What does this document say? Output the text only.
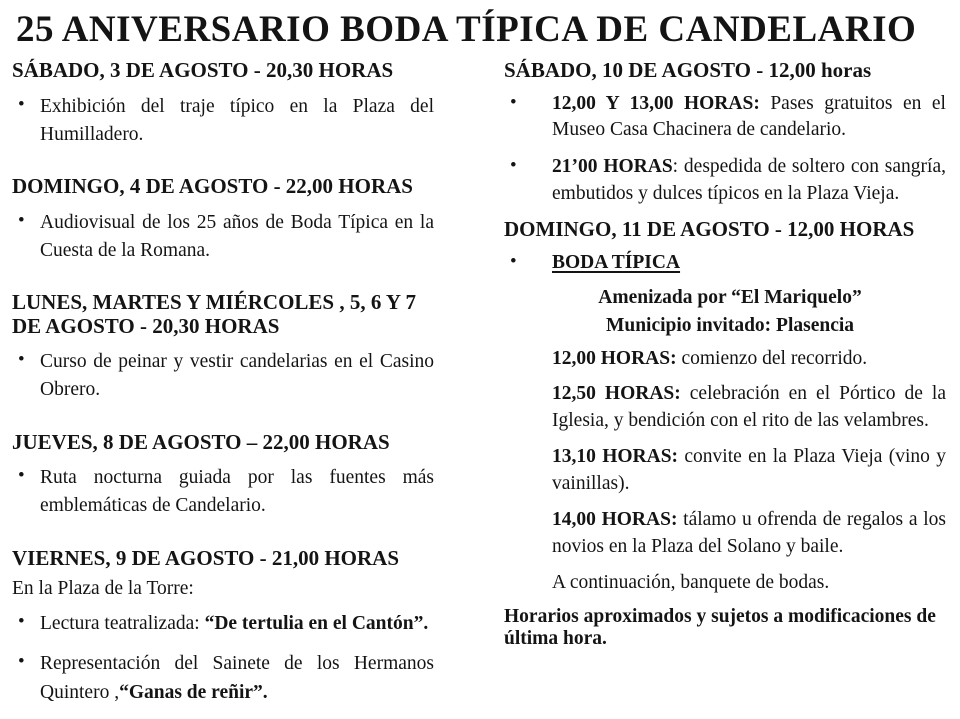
25 ANIVERSARIO BODA TÍPICA DE CANDELARIO
SÁBADO, 3 DE AGOSTO - 20,30 HORAS
•
Exhibición del traje típico en la Plaza del Humilladero.
DOMINGO, 4 DE AGOSTO - 22,00 HORAS
•
Audiovisual de los 25 años de Boda Típica en la Cuesta de la Romana.
LUNES, MARTES Y MIÉRCOLES , 5, 6 Y 7 DE AGOSTO - 20,30 HORAS
•
Curso de peinar y vestir candelarias en el Casino Obrero.
JUEVES, 8 DE AGOSTO – 22,00 HORAS
•
Ruta nocturna guiada por las fuentes más emblemáticas de Candelario.
VIERNES, 9 DE AGOSTO - 21,00 HORAS

En la Plaza de la Torre:

•
Lectura teatralizada: “De tertulia en el Cantón”.
•
Representación del Sainete de los Hermanos Quintero ,“Ganas de reñir”.
SÁBADO, 10 DE AGOSTO - 12,00 horas
•
12,00 Y 13,00 HORAS: Pases gratuitos en el Museo Casa Chacinera de candelario.
•
21’00 HORAS: despedida de soltero con sangría, embutidos y dulces típicos en la Plaza Vieja.
DOMINGO, 11 DE AGOSTO - 12,00 HORAS
•
BODA TÍPICA

Amenizada por “El Mariquelo”

Municipio invitado: Plasencia

12,00 HORAS: comienzo del recorrido.

12,50 HORAS: celebración en el Pórtico de la Iglesia, y bendición con el rito de las velambres.

13,10 HORAS: convite en la Plaza Vieja (vino y vainillas).

14,00 HORAS: tálamo u ofrenda de regalos a los novios en la Plaza del Solano y baile.

A continuación, banquete de bodas.

Horarios aproximados y sujetos a modificaciones de última hora.
